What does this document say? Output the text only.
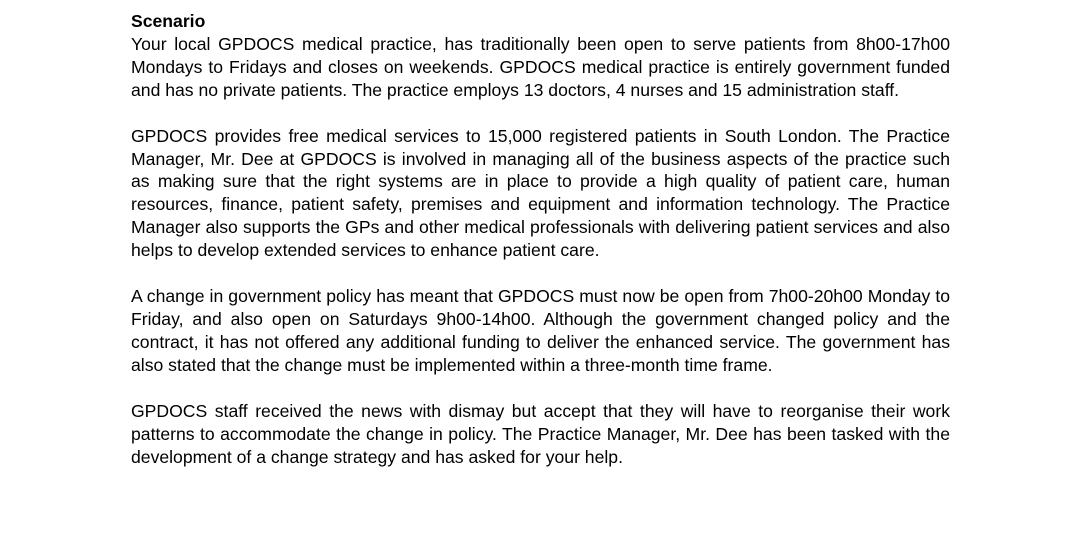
Scenario

Your local GPDOCS medical practice, has traditionally been open to serve patients from 8h00-17h00 Mondays to Fridays and closes on weekends. GPDOCS medical practice is entirely government funded and has no private patients. The practice employs 13 doctors, 4 nurses and 15 administration staff.

GPDOCS provides free medical services to 15,000 registered patients in South London. The Practice Manager, Mr. Dee at GPDOCS is involved in managing all of the business aspects of the practice such as making sure that the right systems are in place to provide a high quality of patient care, human resources, finance, patient safety, premises and equipment and information technology. The Practice Manager also supports the GPs and other medical professionals with delivering patient services and also helps to develop extended services to enhance patient care.

A change in government policy has meant that GPDOCS must now be open from 7h00-20h00 Monday to Friday, and also open on Saturdays 9h00-14h00. Although the government changed policy and the contract, it has not offered any additional funding to deliver the enhanced service. The government has also stated that the change must be implemented within a three-month time frame.

GPDOCS staff received the news with dismay but accept that they will have to reorganise their work patterns to accommodate the change in policy. The Practice Manager, Mr. Dee has been tasked with the development of a change strategy and has asked for your help.
